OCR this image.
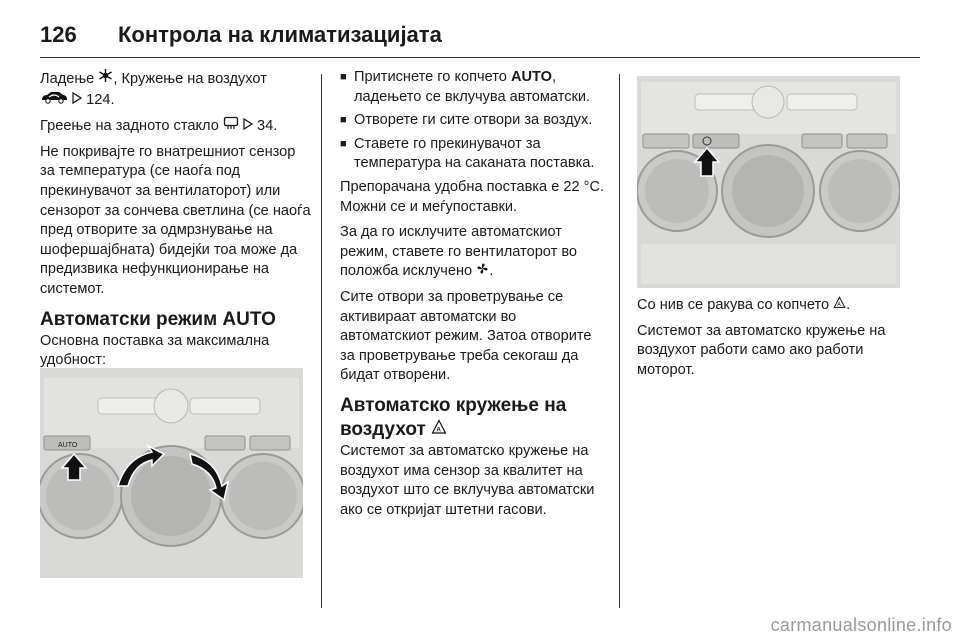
126 Контрола на климатизацијата

Ладење , Кружење на воздухот
124.

Греење на задното стакло	34.

Не покривајте го внатрешниот сензор за температура (се наоѓа под прекинувачот за вентилаторот) или сензорот за сончева светлина (се наоѓа пред отворите за одмрзнување на шофершајбната) бидејќи тоа може да предизвика нефункционирање на системот.

Автоматски режим AUTO

Основна поставка за максимална удобност:

AUTO
■ Притиснете го копчето AUTO, ладењето се вклучува автоматски.
■ Отворете ги сите отвори за воздух.
■ Ставете го прекинувачот за температура на саканата поставка.

Препорачана удобна поставка е 22 °C. Можни се и меѓупоставки.

За да го исклучите автоматскиот режим, ставете го вентилаторот во положба исклучено .

Сите отвори за проветрување се активираат автоматски во автоматскиот режим. Затоа отворите за проветрување треба секогаш да бидат отворени.

Автоматско кружење на воздухот A

Системот за автоматско кружење на воздухот има сензор за квалитет на воздухот што се вклучува автоматски ако се откријат штетни гасови.

Со нив се ракува со копчето A .

Системот за автоматско кружење на воздухот работи само ако работи моторот.

carmanualsonline.info
